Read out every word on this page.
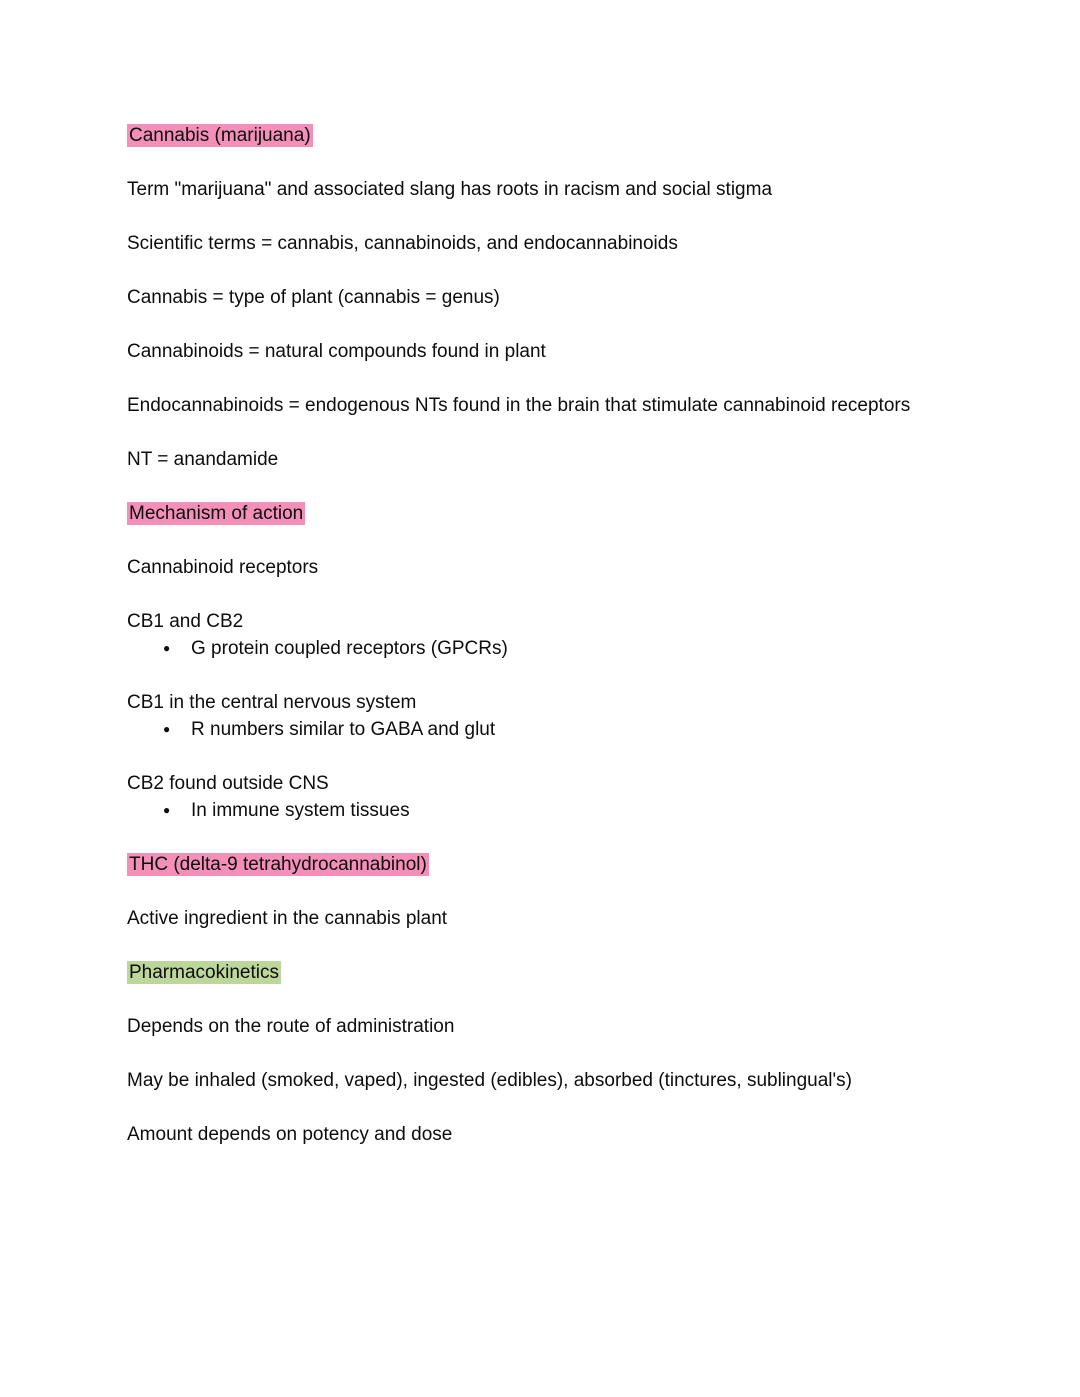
Cannabis (marijuana)
Term "marijuana" and associated slang has roots in racism and social stigma
Scientific terms = cannabis, cannabinoids, and endocannabinoids
Cannabis = type of plant (cannabis = genus)
Cannabinoids = natural compounds found in plant
Endocannabinoids = endogenous NTs found in the brain that stimulate cannabinoid receptors
NT = anandamide
Mechanism of action
Cannabinoid receptors
CB1 and CB2
● G protein coupled receptors (GPCRs)
CB1 in the central nervous system
● R numbers similar to GABA and glut
CB2 found outside CNS
● In immune system tissues
THC (delta-9 tetrahydrocannabinol)
Active ingredient in the cannabis plant
Pharmacokinetics
Depends on the route of administration
May be inhaled (smoked, vaped), ingested (edibles), absorbed (tinctures, sublingual's)
Amount depends on potency and dose
